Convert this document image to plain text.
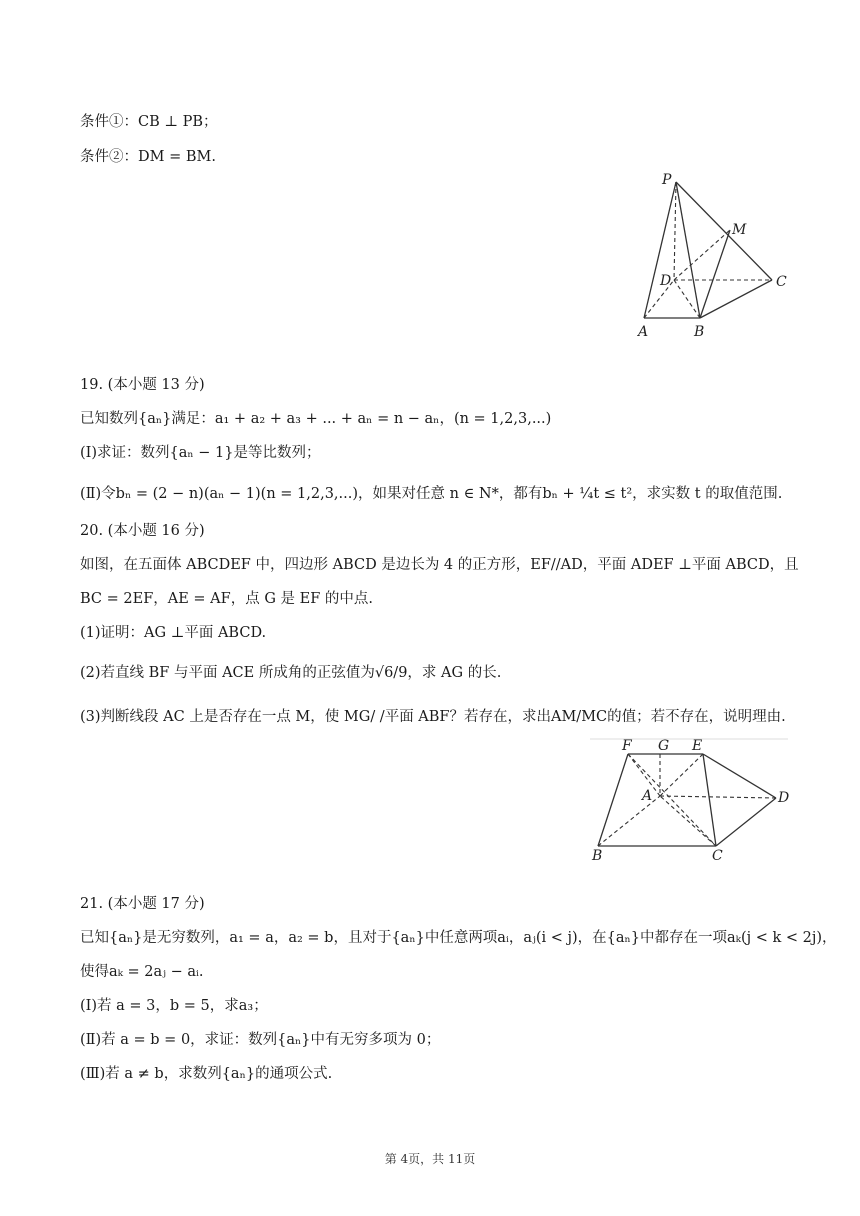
条件①：CB ⊥ PB；
条件②：DM = BM.
P
M
D	C
A	B
19. (本小题 13 分)
已知数列{aₙ}满足：a₁ + a₂ + a₃ + ... + aₙ = n − aₙ，(n = 1,2,3,...)
(Ⅰ)求证：数列{aₙ − 1}是等比数列；
(Ⅱ)令bₙ = (2 − n)(aₙ − 1)(n = 1,2,3,...)，如果对任意 n ∈ N*，都有bₙ + ¼t ≤ t²，求实数 t 的取值范围.
20. (本小题 16 分)
如图，在五面体 ABCDEF 中，四边形 ABCD 是边长为 4 的正方形，EF//AD，平面 ADEF ⊥平面 ABCD，且
BC = 2EF，AE = AF，点 G 是 EF 的中点.
(1)证明：AG ⊥平面 ABCD.
(2)若直线 BF 与平面 ACE 所成角的正弦值为√6/9，求 AG 的长.
(3)判断线段 AC 上是否存在一点 M，使 MG/ /平面 ABF？若存在，求出AM/MC的值；若不存在，说明理由.
F G E
A	D
B	C
21. (本小题 17 分)
已知{aₙ}是无穷数列，a₁ = a，a₂ = b，且对于{aₙ}中任意两项aᵢ，aⱼ(i < j)，在{aₙ}中都存在一项aₖ(j < k < 2j)，
使得aₖ = 2aⱼ − aᵢ.
(Ⅰ)若 a = 3，b = 5，求a₃；
(Ⅱ)若 a = b = 0，求证：数列{aₙ}中有无穷多项为 0；
(Ⅲ)若 a ≠ b，求数列{aₙ}的通项公式.
第 4页，共 11页
